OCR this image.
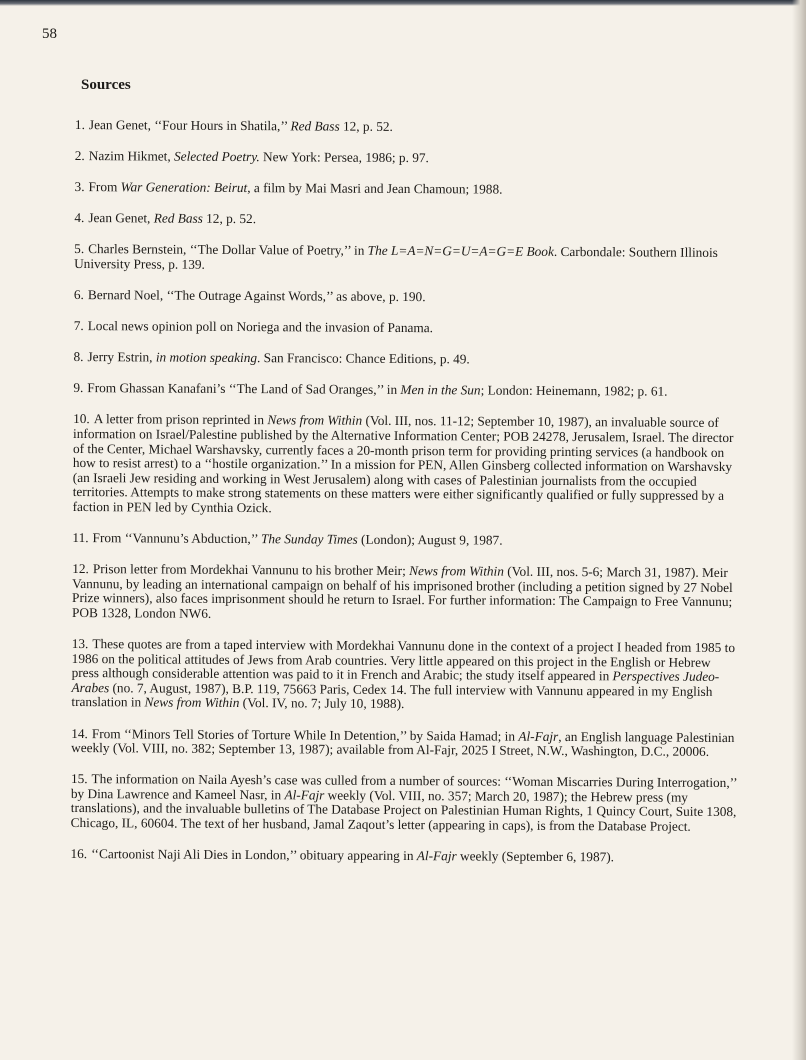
58
Sources

1. Jean Genet, ‘‘Four Hours in Shatila,’’ Red Bass 12, p. 52.

2. Nazim Hikmet, Selected Poetry. New York: Persea, 1986; p. 97.

3. From War Generation: Beirut, a film by Mai Masri and Jean Chamoun; 1988.

4. Jean Genet, Red Bass 12, p. 52.

5. Charles Bernstein, ‘‘The Dollar Value of Poetry,’’ in The L=A=N=G=U=A=G=E Book. Carbondale: Southern Illinois University Press, p. 139.

6. Bernard Noel, ‘‘The Outrage Against Words,’’ as above, p. 190.

7. Local news opinion poll on Noriega and the invasion of Panama.

8. Jerry Estrin, in motion speaking. San Francisco: Chance Editions, p. 49.

9. From Ghassan Kanafani’s ‘‘The Land of Sad Oranges,’’ in Men in the Sun; London: Heinemann, 1982; p. 61.

10. A letter from prison reprinted in News from Within (Vol. III, nos. 11-12; September 10, 1987), an invaluable source of information on Israel/Palestine published by the Alternative Information Center; POB 24278, Jerusalem, Israel. The director of the Center, Michael Warshavsky, currently faces a 20-month prison term for providing printing services (a handbook on how to resist arrest) to a ‘‘hostile organization.’’ In a mission for PEN, Allen Ginsberg collected information on Warshavsky (an Israeli Jew residing and working in West Jerusalem) along with cases of Palestinian journalists from the occupied territories. Attempts to make strong statements on these matters were either significantly qualified or fully suppressed by a faction in PEN led by Cynthia Ozick.

11. From ‘‘Vannunu’s Abduction,’’ The Sunday Times (London); August 9, 1987.

12. Prison letter from Mordekhai Vannunu to his brother Meir; News from Within (Vol. III, nos. 5-6; March 31, 1987). Meir Vannunu, by leading an international campaign on behalf of his imprisoned brother (including a petition signed by 27 Nobel Prize winners), also faces imprisonment should he return to Israel. For further information: The Campaign to Free Vannunu; POB 1328, London NW6.

13. These quotes are from a taped interview with Mordekhai Vannunu done in the context of a project I headed from 1985 to 1986 on the political attitudes of Jews from Arab countries. Very little appeared on this project in the English or Hebrew press although considerable attention was paid to it in French and Arabic; the study itself appeared in Perspectives Judeo-Arabes (no. 7, August, 1987), B.P. 119, 75663 Paris, Cedex 14. The full interview with Vannunu appeared in my English translation in News from Within (Vol. IV, no. 7; July 10, 1988).

14. From ‘‘Minors Tell Stories of Torture While In Detention,’’ by Saida Hamad; in Al-Fajr, an English language Palestinian weekly (Vol. VIII, no. 382; September 13, 1987); available from Al-Fajr, 2025 I Street, N.W., Washington, D.C., 20006.

15. The information on Naila Ayesh’s case was culled from a number of sources: ‘‘Woman Miscarries During Interrogation,’’ by Dina Lawrence and Kameel Nasr, in Al-Fajr weekly (Vol. VIII, no. 357; March 20, 1987); the Hebrew press (my translations), and the invaluable bulletins of The Database Project on Palestinian Human Rights, 1 Quincy Court, Suite 1308, Chicago, IL, 60604. The text of her husband, Jamal Zaqout’s letter (appearing in caps), is from the Database Project.

16. ‘‘Cartoonist Naji Ali Dies in London,’’ obituary appearing in Al-Fajr weekly (September 6, 1987).
